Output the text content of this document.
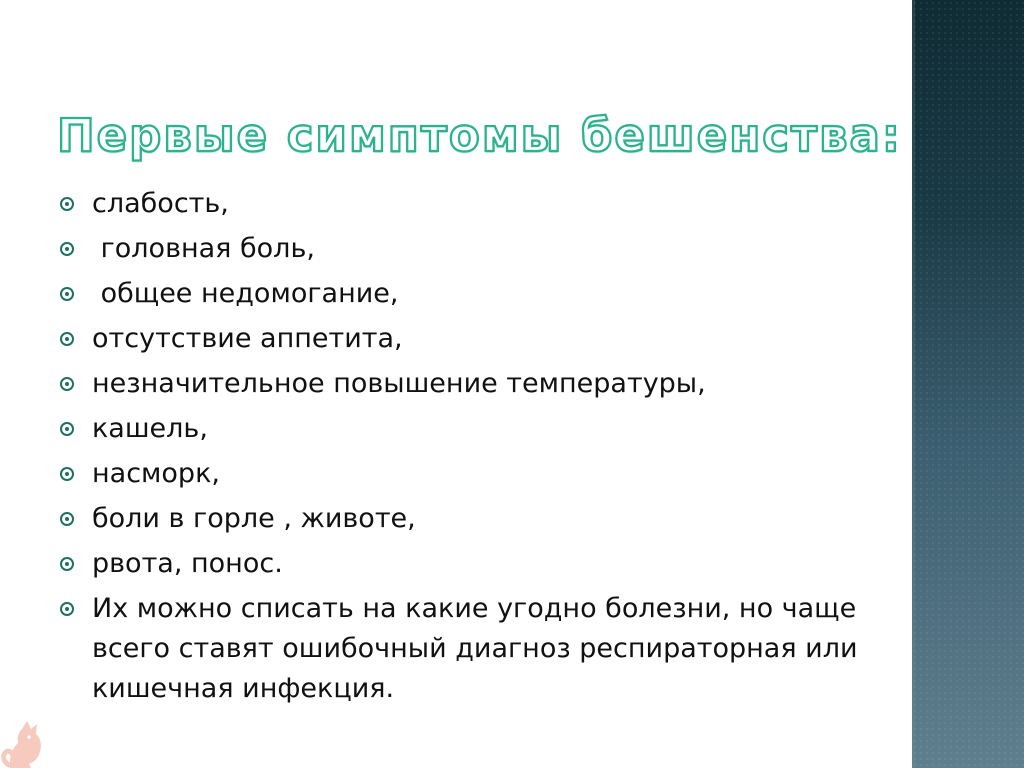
Первые симптомы бешенства:
слабость,
головная боль,
общее недомогание,
отсутствие аппетита,
незначительное повышение температуры,
кашель,
насморк,
боли в горле , животе,
рвота, понос.
Их можно списать на какие угодно болезни, но чаще всего ставят ошибочный диагноз респираторная или кишечная инфекция.
